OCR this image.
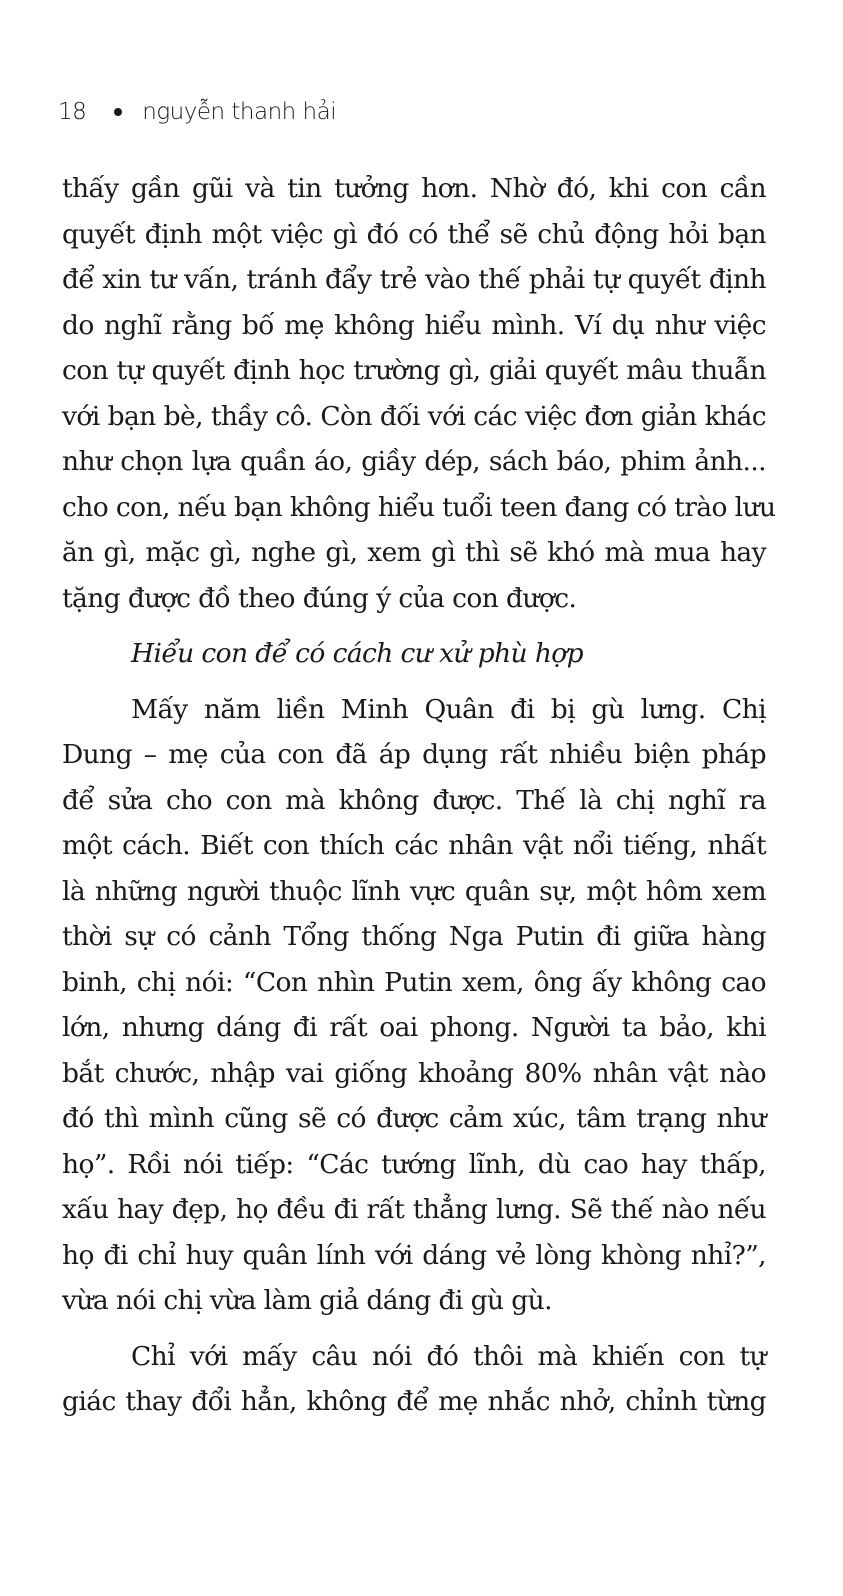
18 nguyễn thanh hải
thấy gần gũi và tin tưởng hơn. Nhờ đó, khi con cần
quyết định một việc gì đó có thể sẽ chủ động hỏi bạn
để xin tư vấn, tránh đẩy trẻ vào thế phải tự quyết định
do nghĩ rằng bố mẹ không hiểu mình. Ví dụ như việc
con tự quyết định học trường gì, giải quyết mâu thuẫn
với bạn bè, thầy cô. Còn đối với các việc đơn giản khác
như chọn lựa quần áo, giầy dép, sách báo, phim ảnh...
cho con, nếu bạn không hiểu tuổi teen đang có trào lưu
ăn gì, mặc gì, nghe gì, xem gì thì sẽ khó mà mua hay
tặng được đồ theo đúng ý của con được.
Hiểu con để có cách cư xử phù hợp
Mấy năm liền Minh Quân đi bị gù lưng. Chị
Dung – mẹ của con đã áp dụng rất nhiều biện pháp
để sửa cho con mà không được. Thế là chị nghĩ ra
một cách. Biết con thích các nhân vật nổi tiếng, nhất
là những người thuộc lĩnh vực quân sự, một hôm xem
thời sự có cảnh Tổng thống Nga Putin đi giữa hàng
binh, chị nói: “Con nhìn Putin xem, ông ấy không cao
lớn, nhưng dáng đi rất oai phong. Người ta bảo, khi
bắt chước, nhập vai giống khoảng 80% nhân vật nào
đó thì mình cũng sẽ có được cảm xúc, tâm trạng như
họ”. Rồi nói tiếp: “Các tướng lĩnh, dù cao hay thấp,
xấu hay đẹp, họ đều đi rất thẳng lưng. Sẽ thế nào nếu
họ đi chỉ huy quân lính với dáng vẻ lòng khòng nhỉ?”,
vừa nói chị vừa làm giả dáng đi gù gù.
Chỉ với mấy câu nói đó thôi mà khiến con tự
giác thay đổi hẳn, không để mẹ nhắc nhở, chỉnh từng
